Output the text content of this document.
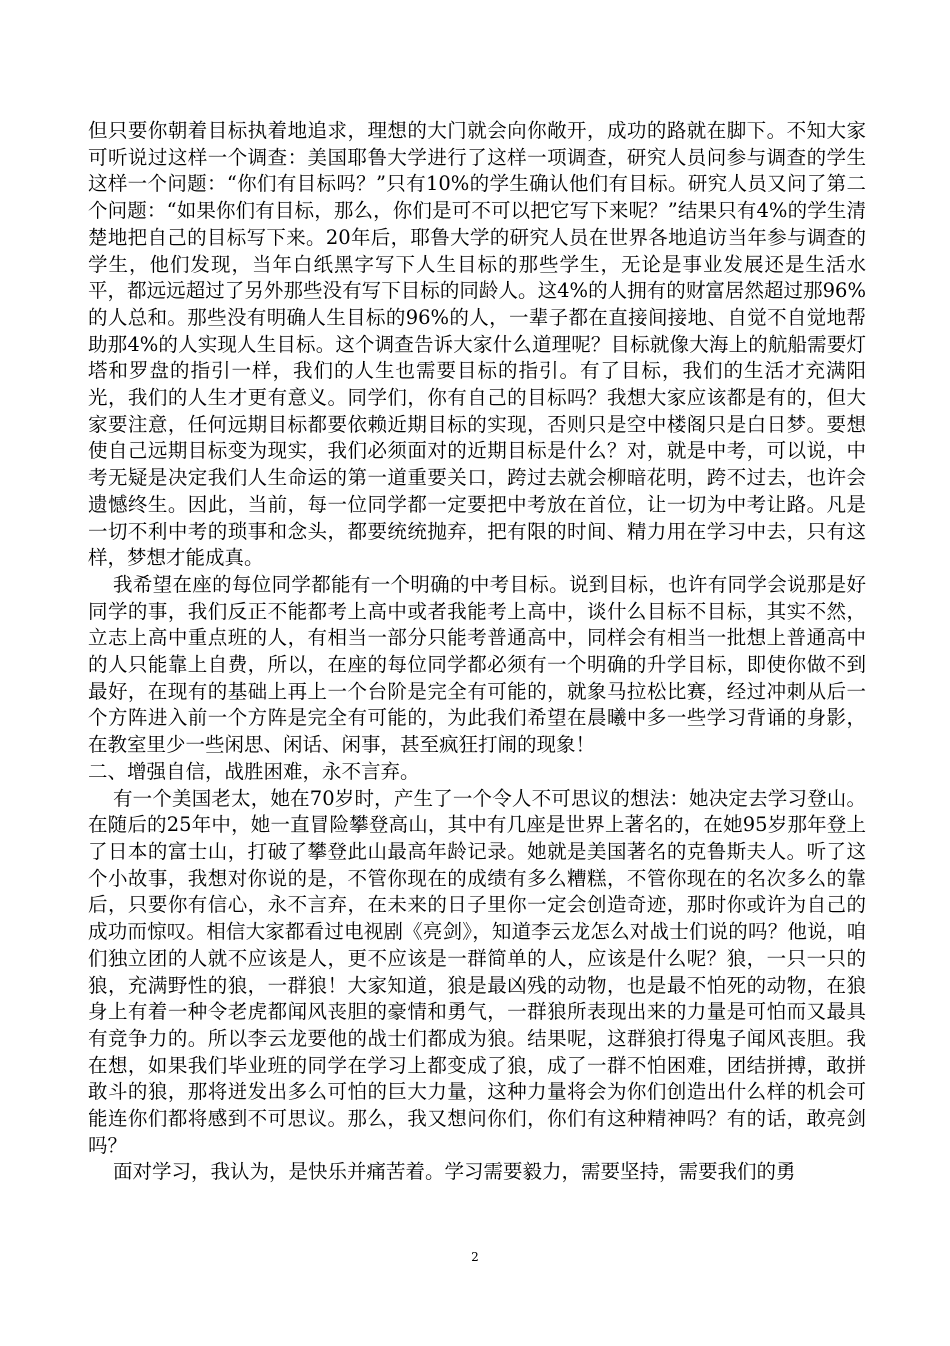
但只要你朝着目标执着地追求，理想的大门就会向你敞开，成功的路就在脚下。不知大家可听说过这样一个调查：美国耶鲁大学进行了这样一项调查，研究人员问参与调查的学生这样一个问题：“你们有目标吗？”只有10%的学生确认他们有目标。研究人员又问了第二个问题：“如果你们有目标，那么，你们是可不可以把它写下来呢？”结果只有4%的学生清楚地把自己的目标写下来。20年后，耶鲁大学的研究人员在世界各地追访当年参与调查的学生，他们发现，当年白纸黑字写下人生目标的那些学生，无论是事业发展还是生活水平，都远远超过了另外那些没有写下目标的同龄人。这4%的人拥有的财富居然超过那96%的人总和。那些没有明确人生目标的96%的人，一辈子都在直接间接地、自觉不自觉地帮助那4%的人实现人生目标。这个调查告诉大家什么道理呢？目标就像大海上的航船需要灯塔和罗盘的指引一样，我们的人生也需要目标的指引。有了目标，我们的生活才充满阳光，我们的人生才更有意义。同学们，你有自己的目标吗？我想大家应该都是有的，但大家要注意，任何远期目标都要依赖近期目标的实现，否则只是空中楼阁只是白日梦。要想使自己远期目标变为现实，我们必须面对的近期目标是什么？对，就是中考，可以说，中考无疑是决定我们人生命运的第一道重要关口，跨过去就会柳暗花明，跨不过去，也许会遗憾终生。因此，当前，每一位同学都一定要把中考放在首位，让一切为中考让路。凡是一切不利中考的琐事和念头，都要统统抛弃，把有限的时间、精力用在学习中去，只有这样，梦想才能成真。

我希望在座的每位同学都能有一个明确的中考目标。说到目标，也许有同学会说那是好同学的事，我们反正不能都考上高中或者我能考上高中，谈什么目标不目标，其实不然，立志上高中重点班的人，有相当一部分只能考普通高中，同样会有相当一批想上普通高中的人只能靠上自费，所以，在座的每位同学都必须有一个明确的升学目标，即使你做不到最好，在现有的基础上再上一个台阶是完全有可能的，就象马拉松比赛，经过冲刺从后一个方阵进入前一个方阵是完全有可能的，为此我们希望在晨曦中多一些学习背诵的身影，在教室里少一些闲思、闲话、闲事，甚至疯狂打闹的现象！

二、增强自信，战胜困难，永不言弃。

有一个美国老太，她在70岁时，产生了一个令人不可思议的想法：她决定去学习登山。在随后的25年中，她一直冒险攀登高山，其中有几座是世界上著名的，在她95岁那年登上了日本的富士山，打破了攀登此山最高年龄记录。她就是美国著名的克鲁斯夫人。听了这个小故事，我想对你说的是，不管你现在的成绩有多么糟糕，不管你现在的名次多么的靠后，只要你有信心，永不言弃，在未来的日子里你一定会创造奇迹，那时你或许为自己的成功而惊叹。相信大家都看过电视剧《亮剑》，知道李云龙怎么对战士们说的吗？他说，咱们独立团的人就不应该是人，更不应该是一群简单的人，应该是什么呢？狼，一只一只的狼，充满野性的狼，一群狼！大家知道，狼是最凶残的动物，也是最不怕死的动物，在狼身上有着一种令老虎都闻风丧胆的豪情和勇气，一群狼所表现出来的力量是可怕而又最具有竞争力的。所以李云龙要他的战士们都成为狼。结果呢，这群狼打得鬼子闻风丧胆。我在想，如果我们毕业班的同学在学习上都变成了狼，成了一群不怕困难，团结拼搏，敢拼敢斗的狼，那将迸发出多么可怕的巨大力量，这种力量将会为你们创造出什么样的机会可能连你们都将感到不可思议。那么，我又想问你们，你们有这种精神吗？有的话，敢亮剑吗？

面对学习，我认为，是快乐并痛苦着。学习需要毅力，需要坚持，需要我们的勇

2
